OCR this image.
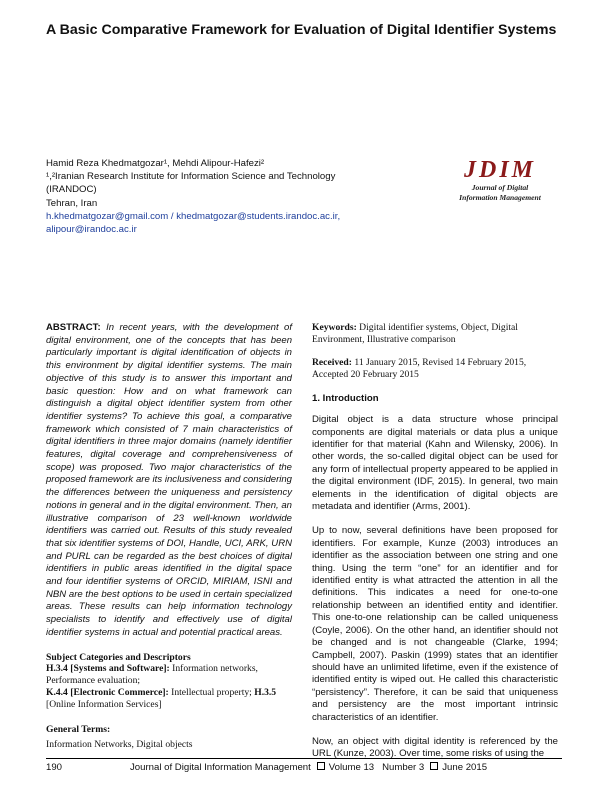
A Basic Comparative Framework for Evaluation of Digital Identifier Systems
Hamid Reza Khedmatgozar¹, Mehdi Alipour-Hafezi²
¹,²Iranian Research Institute for Information Science and Technology
(IRANDOC)
Tehran, Iran
h.khedmatgozar@gmail.com / khedmatgozar@students.irandoc.ac.ir,
alipour@irandoc.ac.ir
JDIM
Journal of Digital
Information Management

ABSTRACT: In recent years, with the development of digital environment, one of the concepts that has been particularly important is digital identification of objects in this environment by digital identifier systems. The main objective of this study is to answer this important and basic question: How and on what framework can distinguish a digital object identifier system from other identifier systems? To achieve this goal, a comparative framework which consisted of 7 main characteristics of digital identifiers in three major domains (namely identifier features, digital coverage and comprehensiveness of scope) was proposed. Two major characteristics of the proposed framework are its inclusiveness and considering the differences between the uniqueness and persistency notions in general and in the digital environment. Then, an illustrative comparison of 23 well-known worldwide identifiers was carried out. Results of this study revealed that six identifier systems of DOI, Handle, UCI, ARK, URN and PURL can be regarded as the best choices of digital identifiers in public areas identified in the digital space and four identifier systems of ORCID, MIRIAM, ISNI and NBN are the best options to be used in certain specialized areas. These results can help information technology specialists to identify and effectively use of digital identifier systems in actual and potential practical areas.

Subject Categories and Descriptors

H.3.4 [Systems and Software]: Information networks, Performance evaluation;
K.4.4 [Electronic Commerce]: Intellectual property; H.3.5
[Online Information Services]

General Terms:

Information Networks, Digital objects

Keywords: Digital identifier systems, Object, Digital Environment, Illustrative comparison

Received: 11 January 2015, Revised 14 February 2015, Accepted 20 February 2015

1. Introduction

Digital object is a data structure whose principal components are digital materials or data plus a unique identifier for that material (Kahn and Wilensky, 2006). In other words, the so-called digital object can be used for any form of intellectual property appeared to be applied in the digital environment (IDF, 2015). In general, two main elements in the identification of digital objects are metadata and identifier (Arms, 2001).

Up to now, several definitions have been proposed for identifiers. For example, Kunze (2003) introduces an identifier as the association between one string and one thing. Using the term “one” for an identifier and for identified entity is what attracted the attention in all the definitions. This indicates a need for one-to-one relationship between an identified entity and identifier. This one-to-one relationship can be called uniqueness (Coyle, 2006). On the other hand, an identifier should not be changed and is not changeable (Clarke, 1994; Campbell, 2007). Paskin (1999) states that an identifier should have an unlimited lifetime, even if the existence of identified entity is wiped out. He called this characteristic “persistency”. Therefore, it can be said that uniqueness and persistency are the most important intrinsic characteristics of an identifier.

Now, an object with digital identity is referenced by the URL (Kunze, 2003). Over time, some risks of using the

190	Journal of Digital Information Management Volume 13 Number 3 June 2015
